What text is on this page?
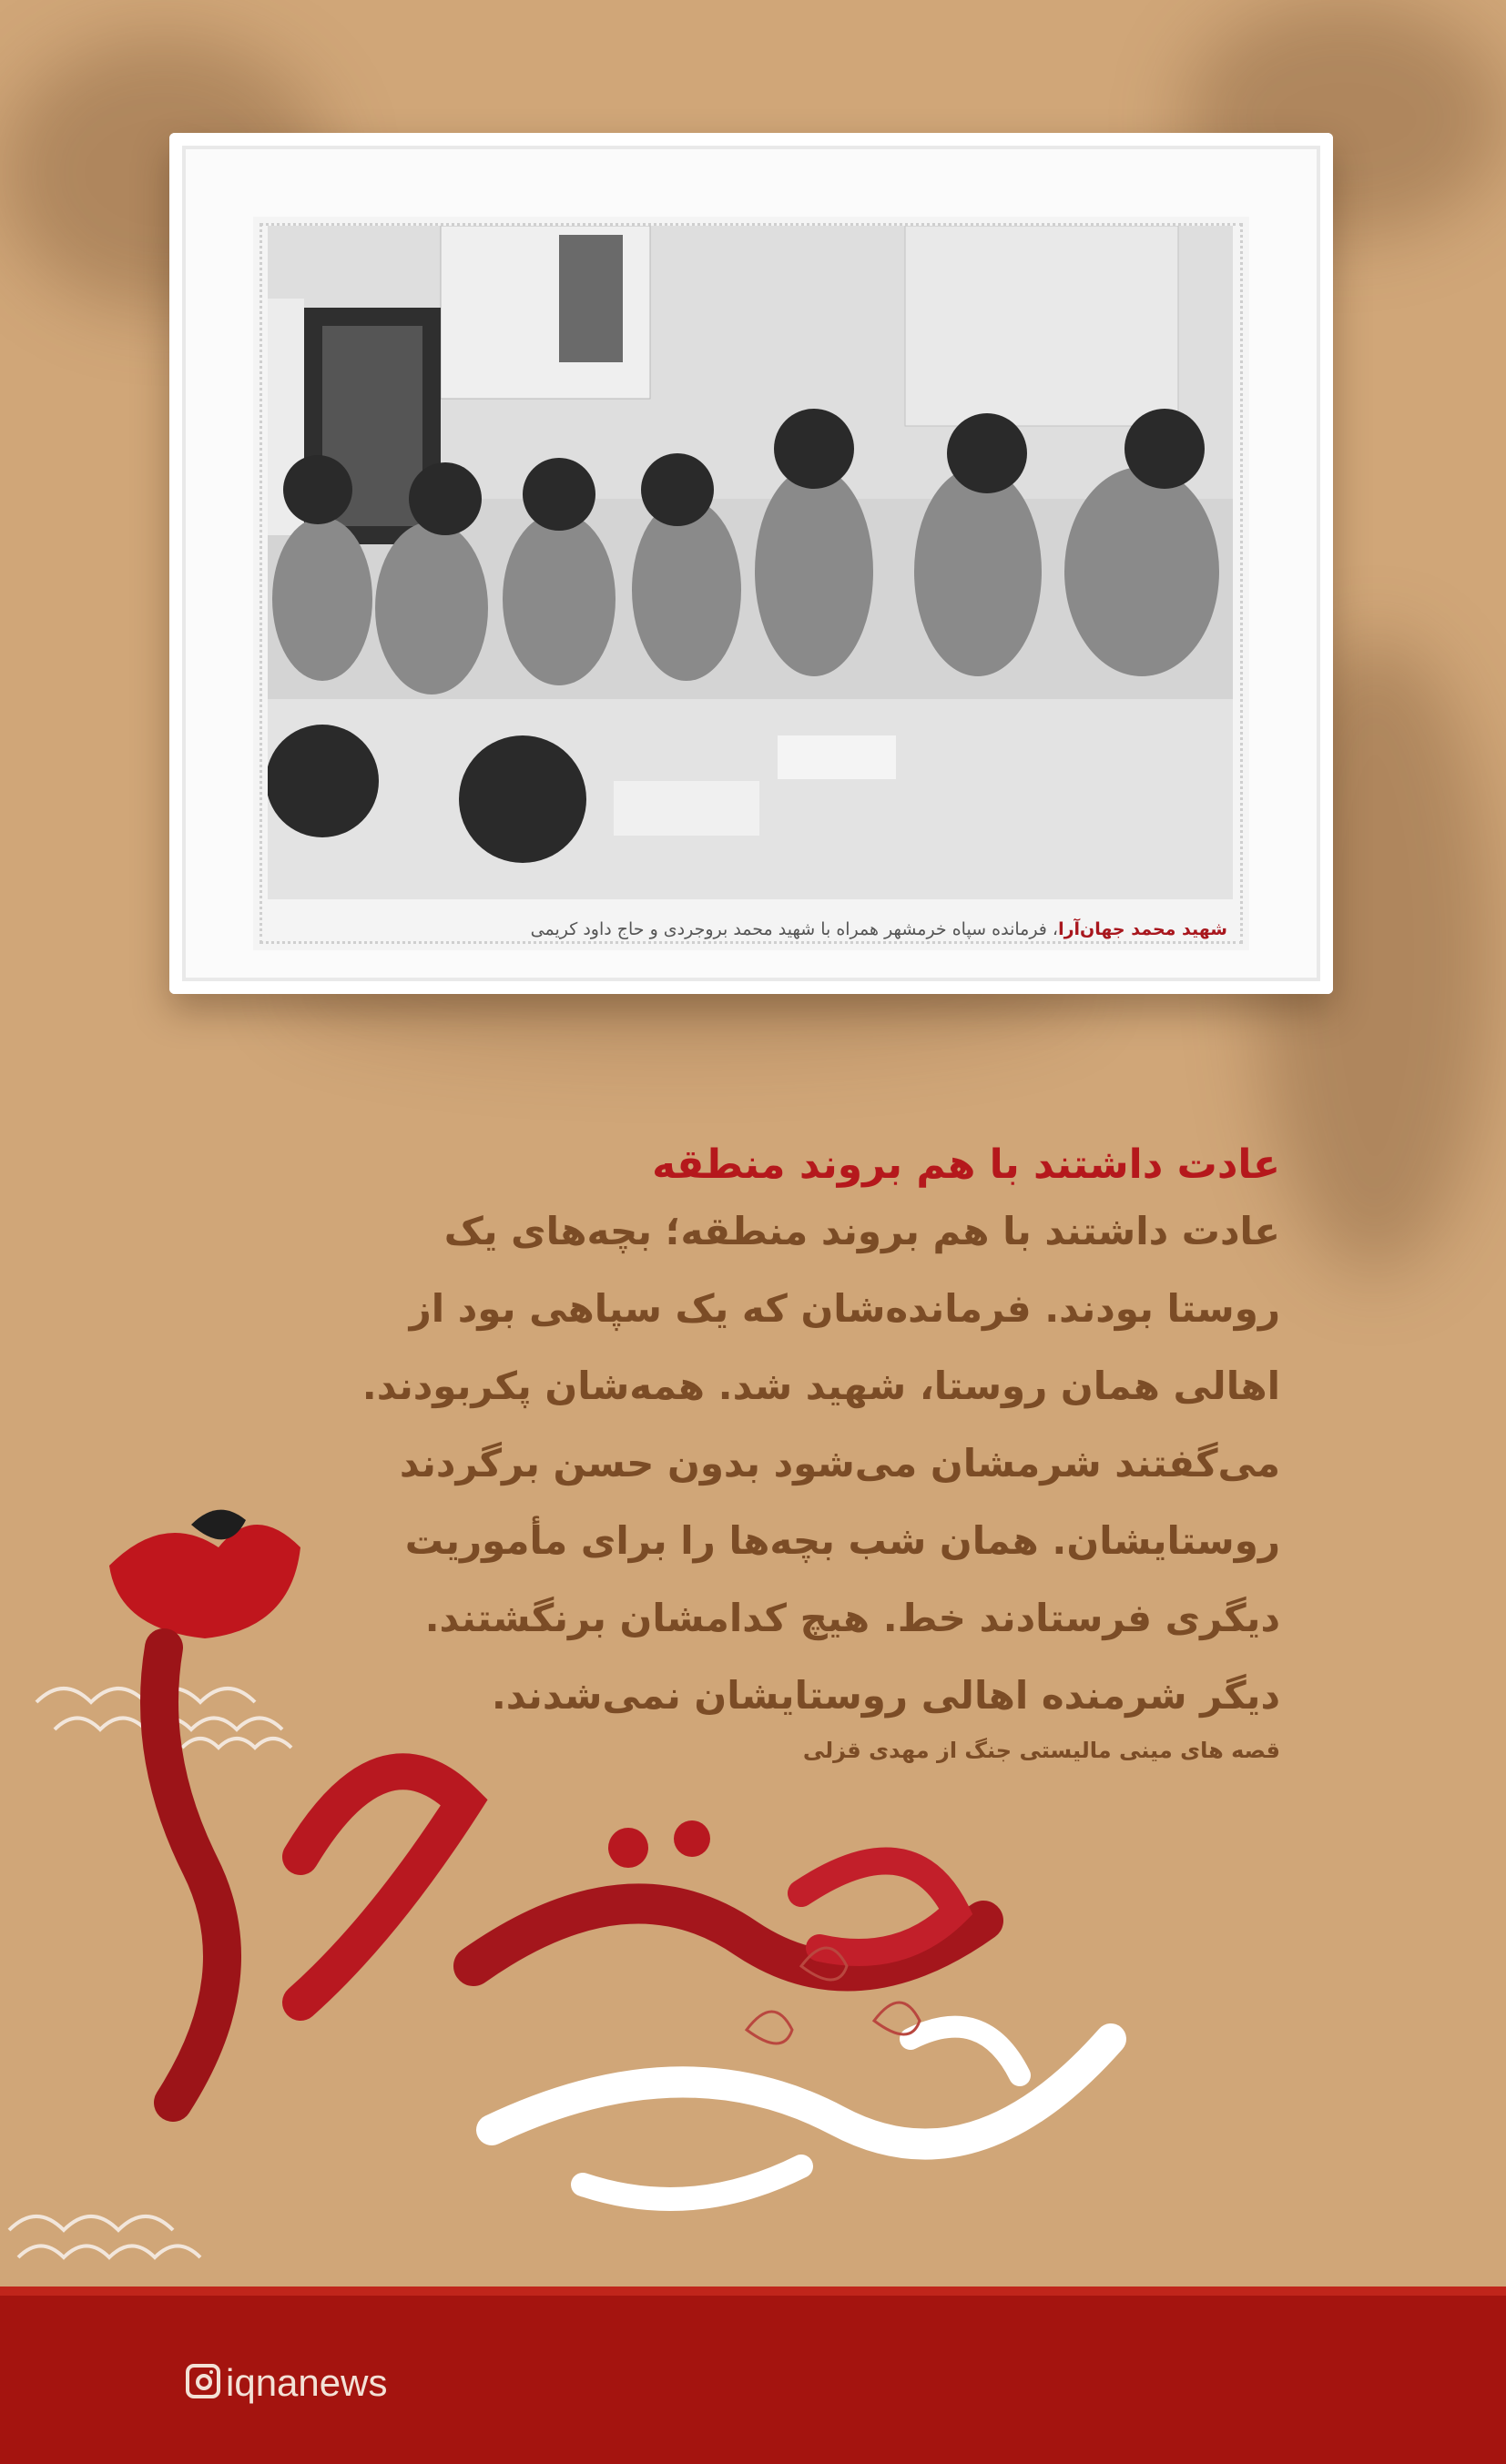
شهید محمد جهان‌آرا، فرمانده سپاه خرمشهر همراه با شهید محمد بروجردی و حاج داود کریمی

عادت داشتند با هم بروند منطقه

عادت داشتند با هم بروند منطقه؛ بچه‌های یک

روستا بودند. فرمانده‌شان که یک سپاهی بود از

اهالی همان روستا، شهید شد. همه‌شان پکربودند.

می‌گفتند شرمشان می‌شود بدون حسن برگردند

روستایشان. همان شب بچه‌ها را برای مأموریت

دیگری فرستادند خط. هیچ کدامشان برنگشتند.

دیگر شرمنده اهالی روستایشان نمی‌شدند.

قصه های مینی مالیستی جنگ از مهدی قزلی

iqnanews
